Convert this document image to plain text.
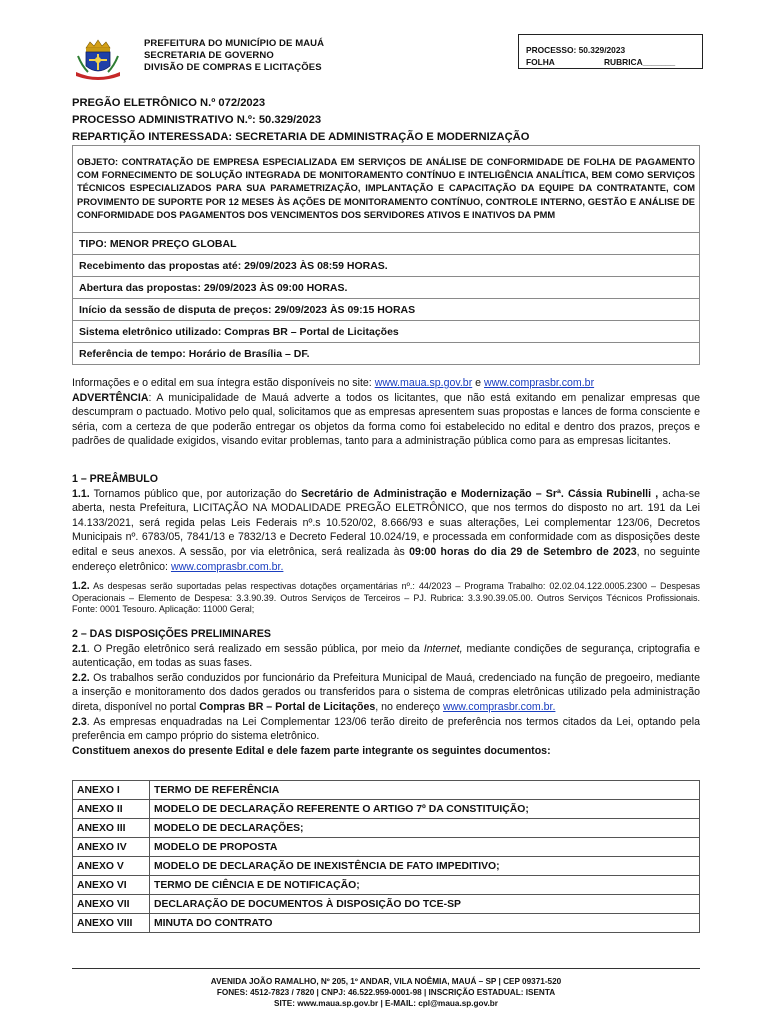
PREFEITURA DO MUNICÍPIO DE MAUÁ
SECRETARIA DE GOVERNO
DIVISÃO DE COMPRAS E LICITAÇÕES
PROCESSO: 50.329/2023
FOLHA	RUBRICA_______
PREGÃO ELETRÔNICO N.º 072/2023
PROCESSO ADMINISTRATIVO N.º: 50.329/2023
REPARTIÇÃO INTERESSADA: SECRETARIA DE ADMINISTRAÇÃO E MODERNIZAÇÃO
OBJETO: CONTRATAÇÃO DE EMPRESA ESPECIALIZADA EM SERVIÇOS DE ANÁLISE DE CONFORMIDADE DE FOLHA DE PAGAMENTO COM FORNECIMENTO DE SOLUÇÃO INTEGRADA DE MONITORAMENTO CONTÍNUO E INTELIGÊNCIA ANALÍTICA, BEM COMO SERVIÇOS TÉCNICOS ESPECIALIZADOS PARA SUA PARAMETRIZAÇÃO, IMPLANTAÇÃO E CAPACITAÇÃO DA EQUIPE DA CONTRATANTE, COM PROVIMENTO DE SUPORTE POR 12 MESES ÀS AÇÕES DE MONITORAMENTO CONTÍNUO, CONTROLE INTERNO, GESTÃO E ANÁLISE DE CONFORMIDADE DOS PAGAMENTOS DOS VENCIMENTOS DOS SERVIDORES ATIVOS E INATIVOS DA PMM
TIPO: MENOR PREÇO GLOBAL
Recebimento das propostas até: 29/09/2023 ÀS 08:59 HORAS.
Abertura das propostas: 29/09/2023 ÀS 09:00 HORAS.
Início da sessão de disputa de preços: 29/09/2023 ÀS 09:15 HORAS
Sistema eletrônico utilizado: Compras BR – Portal de Licitações
Referência de tempo: Horário de Brasília – DF.
Informações e o edital em sua íntegra estão disponíveis no site: www.maua.sp.gov.br e www.comprasbr.com.br
ADVERTÊNCIA: A municipalidade de Mauá adverte a todos os licitantes, que não está exitando em penalizar empresas que descumpram o pactuado. Motivo pelo qual, solicitamos que as empresas apresentem suas propostas e lances de forma consciente e séria, com a certeza de que poderão entregar os objetos da forma como foi estabelecido no edital e dentro dos prazos, preços e padrões de qualidade exigidos, visando evitar problemas, tanto para a administração pública como para as empresas licitantes.
1 – PREÂMBULO
1.1. Tornamos público que, por autorização do Secretário de Administração e Modernização – Srª. Cássia Rubinelli , acha-se aberta, nesta Prefeitura, LICITAÇÃO NA MODALIDADE PREGÃO ELETRÔNICO, que nos termos do disposto no art. 191 da Lei 14.133/2021, será regida pelas Leis Federais nº.s 10.520/02, 8.666/93 e suas alterações, Lei complementar 123/06, Decretos Municipais nº. 6783/05, 7841/13 e 7832/13 e Decreto Federal 10.024/19, e processada em conformidade com as disposições deste edital e seus anexos. A sessão, por via eletrônica, será realizada às 09:00 horas do dia 29 de Setembro de 2023, no seguinte endereço eletrônico: www.comprasbr.com.br.
1.2. As despesas serão suportadas pelas respectivas dotações orçamentárias nº.: 44/2023 – Programa Trabalho: 02.02.04.122.0005.2300 – Despesas Operacionais – Elemento de Despesa: 3.3.90.39. Outros Serviços de Terceiros – PJ. Rubrica: 3.3.90.39.05.00. Outros Serviços Técnicos Profissionais. Fonte: 0001 Tesouro. Aplicação: 11000 Geral;
2 – DAS DISPOSIÇÕES PRELIMINARES
2.1. O Pregão eletrônico será realizado em sessão pública, por meio da Internet, mediante condições de segurança, criptografia e autenticação, em todas as suas fases.
2.2. Os trabalhos serão conduzidos por funcionário da Prefeitura Municipal de Mauá, credenciado na função de pregoeiro, mediante a inserção e monitoramento dos dados gerados ou transferidos para o sistema de compras eletrônicas utilizado pela administração direta, disponível no portal Compras BR – Portal de Licitações, no endereço www.comprasbr.com.br.
2.3. As empresas enquadradas na Lei Complementar 123/06 terão direito de preferência nos termos citados da Lei, optando pela preferência em campo próprio do sistema eletrônico.
Constituem anexos do presente Edital e dele fazem parte integrante os seguintes documentos:
ANEXO I	TERMO DE REFERÊNCIA
ANEXO II	MODELO DE DECLARAÇÃO REFERENTE O ARTIGO 7º DA CONSTITUIÇÃO;
ANEXO III	MODELO DE DECLARAÇÕES;
ANEXO IV	MODELO DE PROPOSTA
ANEXO V	MODELO DE DECLARAÇÃO DE INEXISTÊNCIA DE FATO IMPEDITIVO;
ANEXO VI	TERMO DE CIÊNCIA E DE NOTIFICAÇÃO;
ANEXO VII	DECLARAÇÃO DE DOCUMENTOS À DISPOSIÇÃO DO TCE-SP
ANEXO VIII	MINUTA DO CONTRATO
AVENIDA JOÃO RAMALHO, Nº 205, 1º ANDAR, VILA NOÊMIA, MAUÁ – SP | CEP 09371-520
FONES: 4512-7823 / 7820 | CNPJ: 46.522.959-0001-98 | INSCRIÇÃO ESTADUAL: ISENTA
SITE: www.maua.sp.gov.br | E-MAIL: cpl@maua.sp.gov.br
